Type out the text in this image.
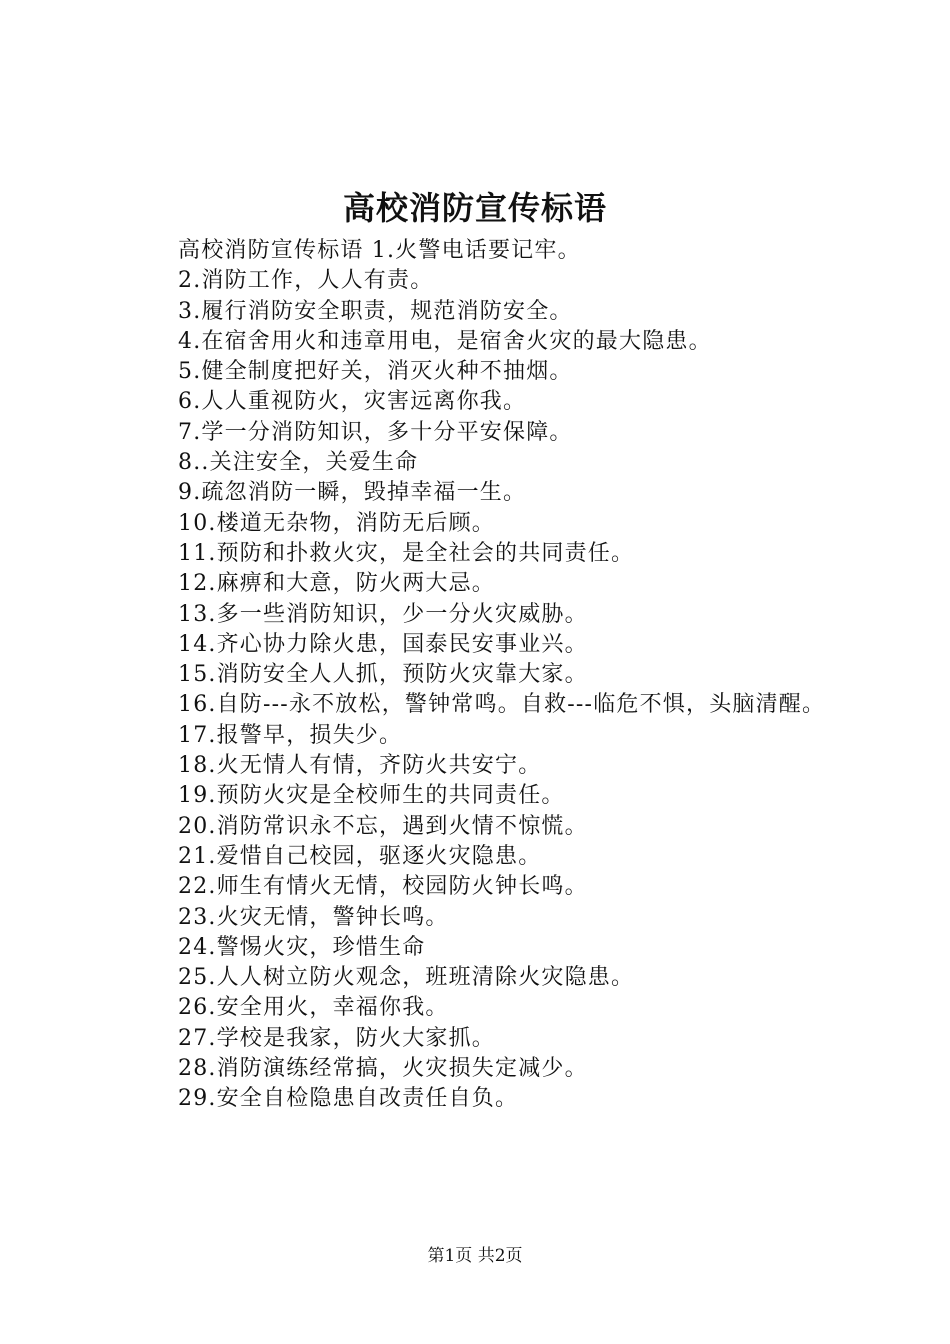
高校消防宣传标语

高校消防宣传标语 1.火警电话要记牢。

2.消防工作，人人有责。

3.履行消防安全职责，规范消防安全。

4.在宿舍用火和违章用电，是宿舍火灾的最大隐患。

5.健全制度把好关，消灭火种不抽烟。

6.人人重视防火，灾害远离你我。

7.学一分消防知识，多十分平安保障。

8..关注安全，关爱生命

9.疏忽消防一瞬，毁掉幸福一生。

10.楼道无杂物，消防无后顾。

11.预防和扑救火灾，是全社会的共同责任。

12.麻痹和大意，防火两大忌。

13.多一些消防知识，少一分火灾威胁。

14.齐心协力除火患，国泰民安事业兴。

15.消防安全人人抓，预防火灾靠大家。

16.自防---永不放松，警钟常鸣。自救---临危不惧，头脑清醒。

17.报警早，损失少。

18.火无情人有情，齐防火共安宁。

19.预防火灾是全校师生的共同责任。

20.消防常识永不忘，遇到火情不惊慌。

21.爱惜自己校园，驱逐火灾隐患。

22.师生有情火无情，校园防火钟长鸣。

23.火灾无情，警钟长鸣。

24.警惕火灾，珍惜生命

25.人人树立防火观念，班班清除火灾隐患。

26.安全用火，幸福你我。

27.学校是我家，防火大家抓。

28.消防演练经常搞，火灾损失定减少。

29.安全自检隐患自改责任自负。

第1页 共2页
